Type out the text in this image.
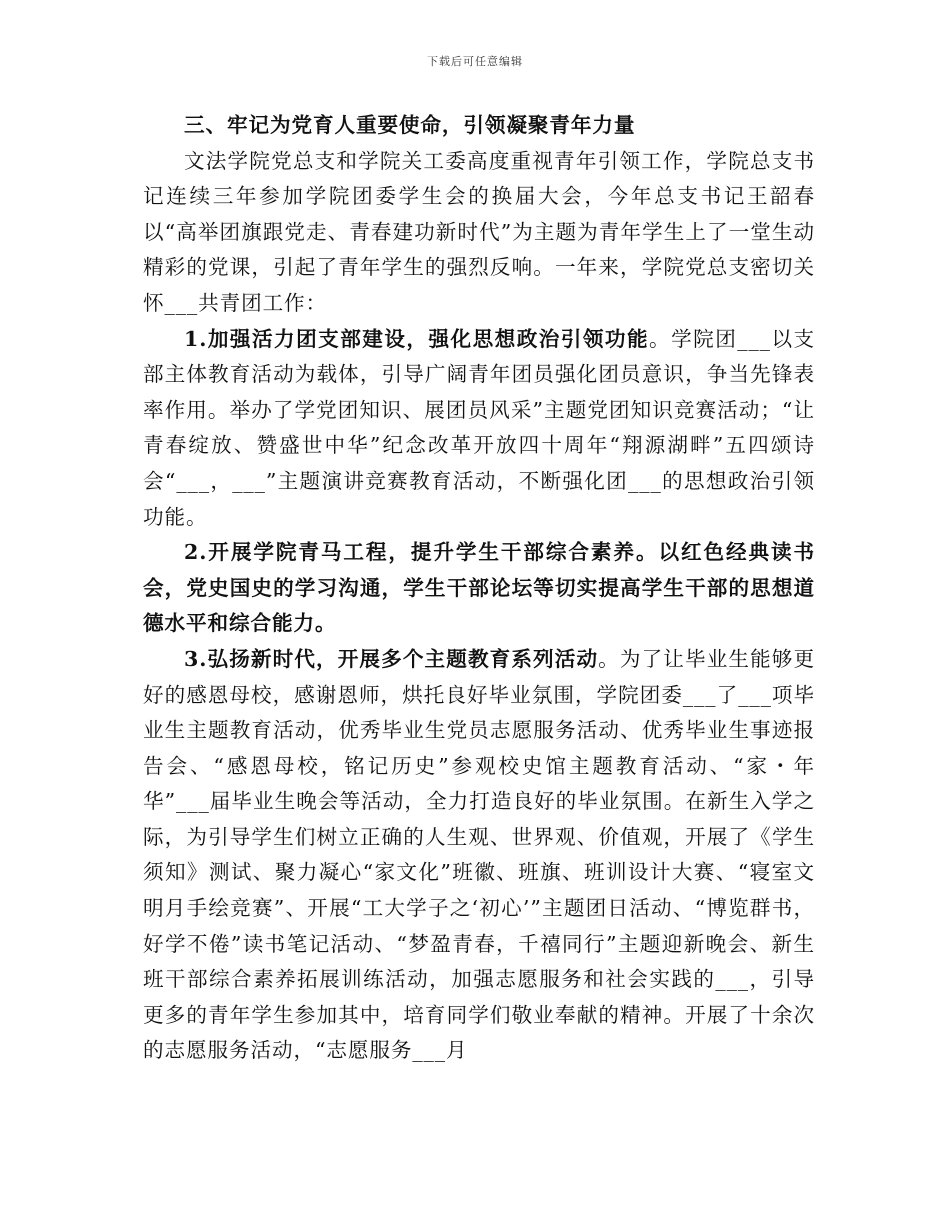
下载后可任意编辑

三、牢记为党育人重要使命，引领凝聚青年力量

文法学院党总支和学院关工委高度重视青年引领工作，学院总支书记连续三年参加学院团委学生会的换届大会，今年总支书记王韶春以“高举团旗跟党走、青春建功新时代”为主题为青年学生上了一堂生动精彩的党课，引起了青年学生的强烈反响。一年来，学院党总支密切关怀___共青团工作：

1.加强活力团支部建设，强化思想政治引领功能。学院团___以支部主体教育活动为载体，引导广阔青年团员强化团员意识，争当先锋表率作用。举办了学党团知识、展团员风采”主题党团知识竞赛活动；“让青春绽放、赞盛世中华”纪念改革开放四十周年“翔源湖畔”五四颂诗会“___，___”主题演讲竞赛教育活动，不断强化团___的思想政治引领功能。

2.开展学院青马工程，提升学生干部综合素养。以红色经典读书会，党史国史的学习沟通，学生干部论坛等切实提高学生干部的思想道德水平和综合能力。

3.弘扬新时代，开展多个主题教育系列活动。为了让毕业生能够更好的感恩母校，感谢恩师，烘托良好毕业氛围，学院团委___了___项毕业生主题教育活动，优秀毕业生党员志愿服务活动、优秀毕业生事迹报告会、“感恩母校，铭记历史”参观校史馆主题教育活动、“家・年华”___届毕业生晚会等活动，全力打造良好的毕业氛围。在新生入学之际，为引导学生们树立正确的人生观、世界观、价值观，开展了《学生须知》测试、聚力凝心“家文化”班徽、班旗、班训设计大赛、“寝室文明月手绘竞赛”、开展“工大学子之‘初心’”主题团日活动、“博览群书，好学不倦”读书笔记活动、“梦盈青春，千禧同行”主题迎新晚会、新生班干部综合素养拓展训练活动，加强志愿服务和社会实践的___，引导更多的青年学生参加其中，培育同学们敬业奉献的精神。开展了十余次的志愿服务活动，“志愿服务___月
